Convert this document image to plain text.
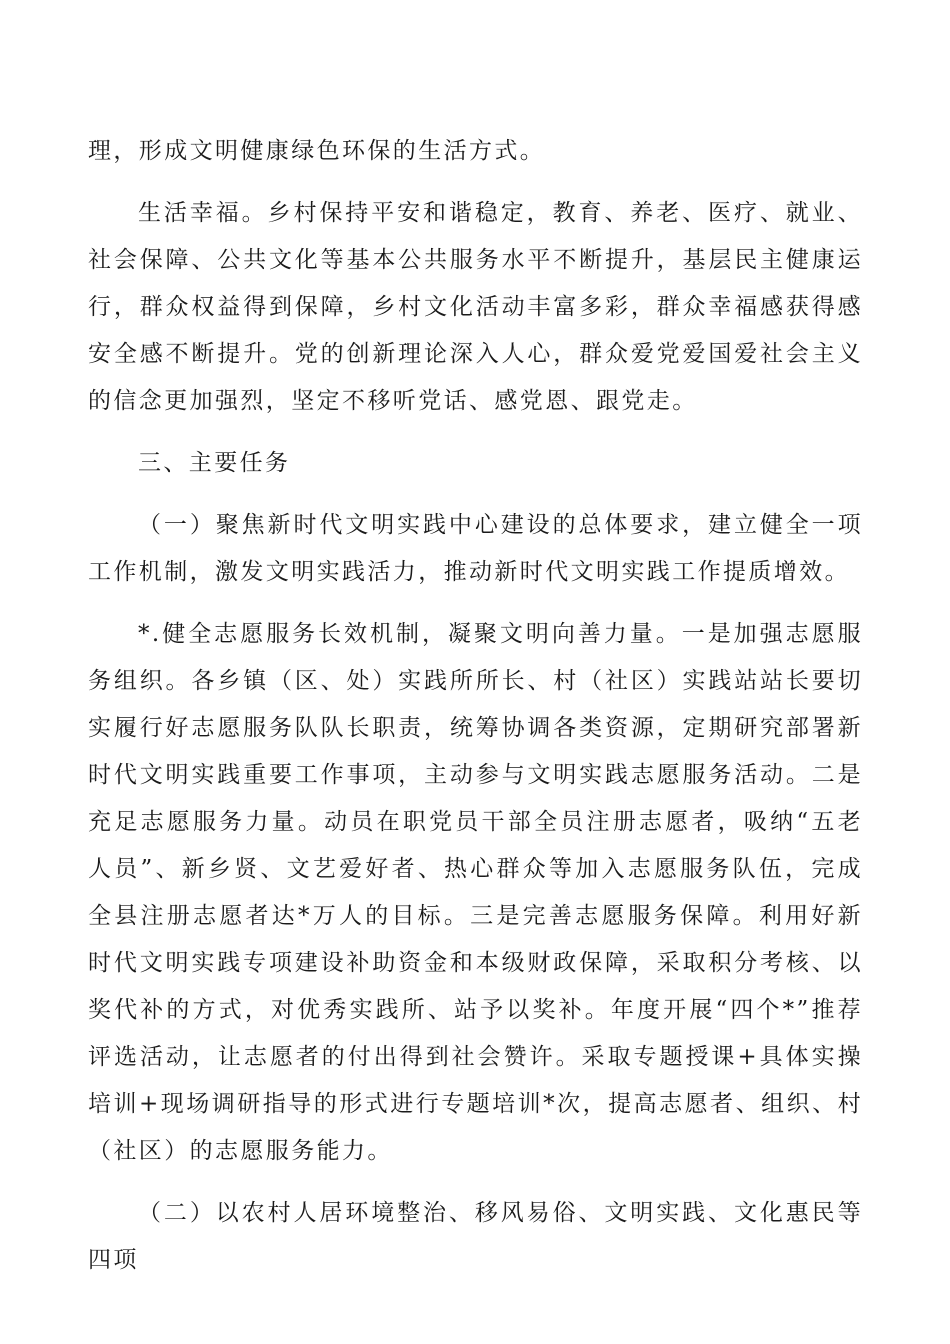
理，形成文明健康绿色环保的生活方式。

生活幸福。乡村保持平安和谐稳定，教育、养老、医疗、就业、社会保障、公共文化等基本公共服务水平不断提升，基层民主健康运行，群众权益得到保障，乡村文化活动丰富多彩，群众幸福感获得感安全感不断提升。党的创新理论深入人心，群众爱党爱国爱社会主义的信念更加强烈，坚定不移听党话、感党恩、跟党走。

三、主要任务

（一）聚焦新时代文明实践中心建设的总体要求，建立健全一项工作机制，激发文明实践活力，推动新时代文明实践工作提质增效。

*.健全志愿服务长效机制，凝聚文明向善力量。一是加强志愿服务组织。各乡镇（区、处）实践所所长、村（社区）实践站站长要切实履行好志愿服务队队长职责，统筹协调各类资源，定期研究部署新时代文明实践重要工作事项，主动参与文明实践志愿服务活动。二是充足志愿服务力量。动员在职党员干部全员注册志愿者，吸纳“五老人员”、新乡贤、文艺爱好者、热心群众等加入志愿服务队伍，完成全县注册志愿者达*万人的目标。三是完善志愿服务保障。利用好新时代文明实践专项建设补助资金和本级财政保障，采取积分考核、以奖代补的方式，对优秀实践所、站予以奖补。年度开展“四个*”推荐评选活动，让志愿者的付出得到社会赞许。采取专题授课+具体实操培训+现场调研指导的形式进行专题培训*次，提高志愿者、组织、村（社区）的志愿服务能力。

（二）以农村人居环境整治、移风易俗、文明实践、文化惠民等四项
